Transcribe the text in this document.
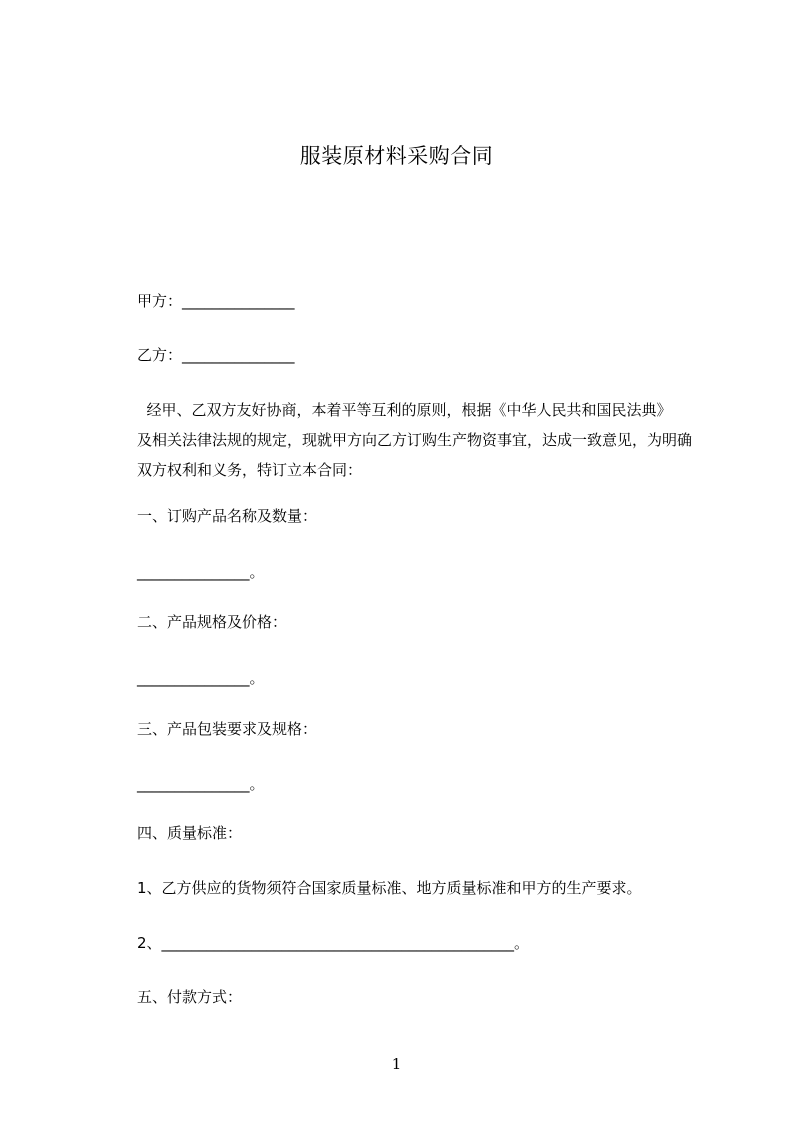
服装原材料采购合同
甲方：_______________
乙方：_______________
经甲、乙双方友好协商，本着平等互利的原则，根据《中华人民共和国民法典》
及相关法律法规的规定，现就甲方向乙方订购生产物资事宜，达成一致意见，为明确
双方权利和义务，特订立本合同：
一、订购产品名称及数量：
_______________。
二、产品规格及价格：
_______________。
三、产品包装要求及规格：
_______________。
四、质量标准：
1、乙方供应的货物须符合国家质量标准、地方质量标准和甲方的生产要求。
2、_______________________________________________。
五、付款方式：
1
